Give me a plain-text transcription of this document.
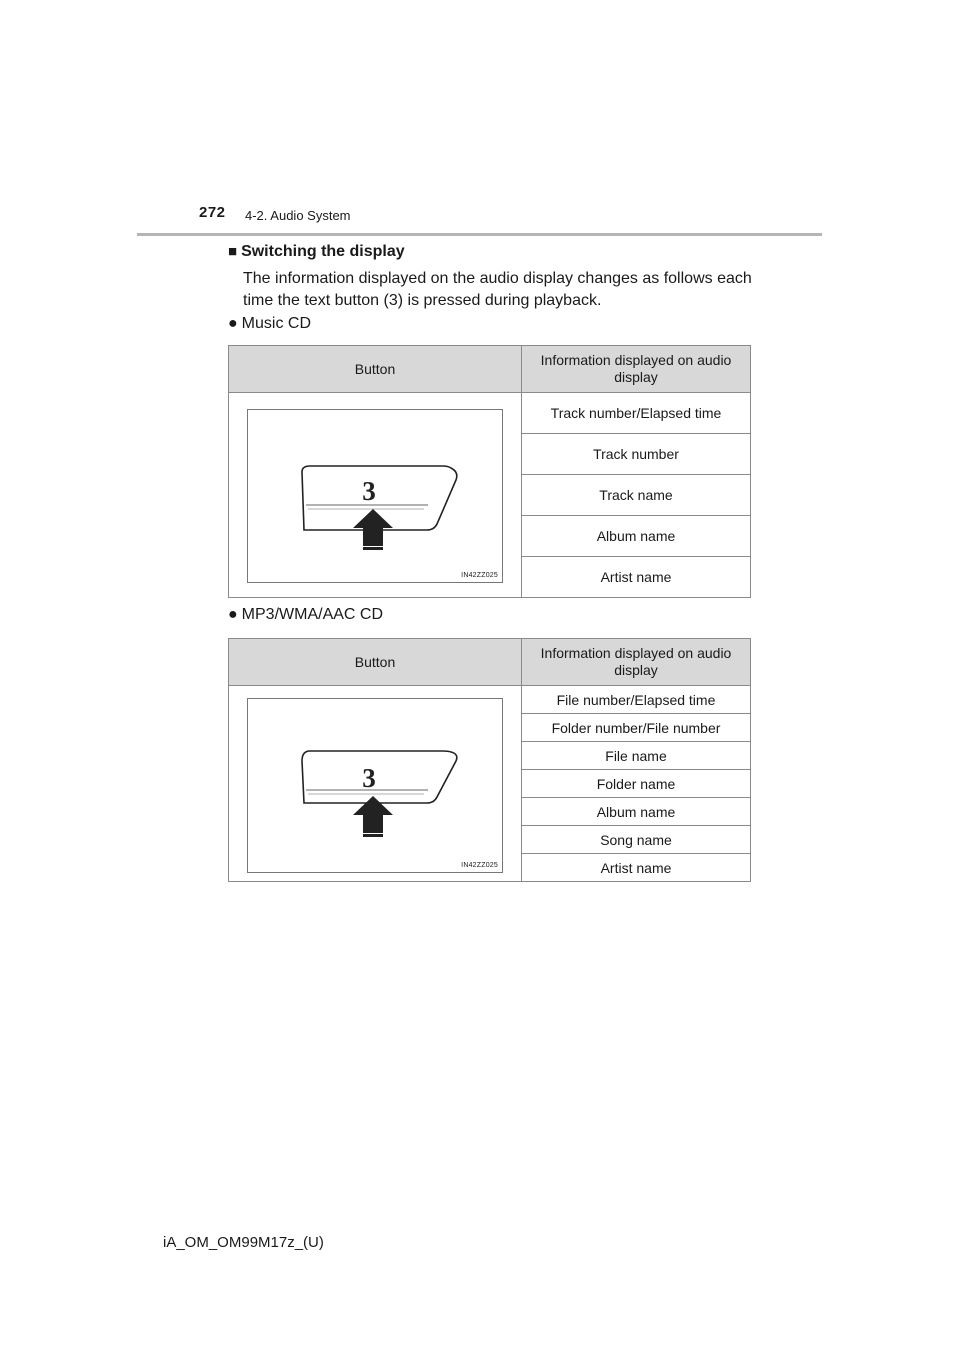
272 4-2. Audio System
■ Switching the display
The information displayed on the audio display changes as follows each time the text button (3) is pressed during playback.
● Music CD
Button	Information displayed on audio display

3
IN42ZZ025	Track number/Elapsed time
	Track number
	Track name
	Album name
	Artist name
● MP3/WMA/AAC CD
Button	Information displayed on audio display

3
IN42ZZ025	File number/Elapsed time
	Folder number/File number
	File name
	Folder name
	Album name
	Song name
	Artist name
iA_OM_OM99M17z_(U)
